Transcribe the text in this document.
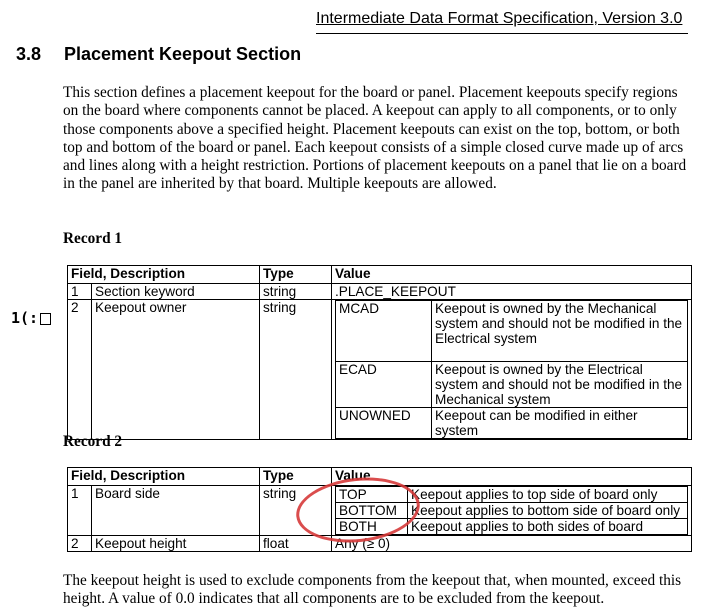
Intermediate Data Format Specification, Version 3.0
3.8 Placement Keepout Section
This section defines a placement keepout for the board or panel. Placement keepouts specify regions on the board where components cannot be placed. A keepout can apply to all components, or to only those components above a specified height. Placement keepouts can exist on the top, bottom, or both top and bottom of the board or panel. Each keepout consists of a simple closed curve made up of arcs and lines along with a height restriction. Portions of placement keepouts on a panel that lie on a board in the panel are inherited by that board. Multiple keepouts are allowed.
Record 1
1(:
Field, Description	Type	Value
1	Section keyword	string	.PLACE_KEEPOUT
2	Keepout owner	string		MCAD	Keepout is owned by the Mechanical system and should not be modified in the Electrical system
ECAD	Keepout is owned by the Electrical system and should not be modified in the Mechanical system
UNOWNED	Keepout can be modified in either system
Record 2
Field, Description	Type	Value
1	Board side	string		TOP	Keepout applies to top side of board only
BOTTOM	Keepout applies to bottom side of board only
BOTH	Keepout applies to both sides of board

2	Keepout height	float	Any (≥ 0)
The keepout height is used to exclude components from the keepout that, when mounted, exceed this height. A value of 0.0 indicates that all components are to be excluded from the keepout.
